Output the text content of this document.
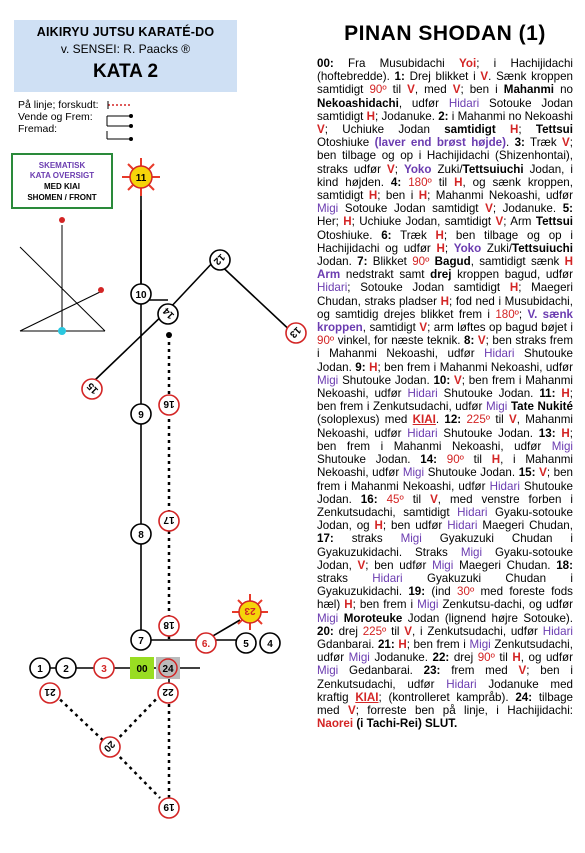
AIKIRYU JUTSU KARATÉ-DO
v. SENSEI: R. Paacks ®
KATA 2
På linje; forskudt:
Vende og Frem:
Fremad:
SKEMATISK
KATA OVERSIGT
MED KIAI
SHOMEN / FRONT
11
10
9
8
7
12
13
14
15
16
17
18
1 2	3	00 24
6.	5 4
23
22
21
20
19
PINAN SHODAN (1)
00: Fra Musubidachi Yoi; i Hachijidachi (hoftebredde). 1: Drej blikket i V. Sænk kroppen samtidigt 90º til V, med V; ben i Mahanmi no Nekoashidachi, udfør Hidari Sotouke Jodan samtidigt H; Jodanuke. 2: i Mahanmi no Nekoashi V; Uchiuke Jodan samtidigt H; Tettsui Otoshiuke (laver end brøst højde). 3: Træk V; ben tilbage og op i Hachijidachi (Shizenhontai), straks udfør V; Yoko Zuki/Tettsuiuchi Jodan, i kind højden. 4: 180º til H, og sænk kroppen, samtidigt H; ben i H; Mahanmi Nekoashi, udfør Migi Sotouke Jodan samtidigt V; Jodanuke. 5: Her; H; Uchiuke Jodan, samtidigt V; Arm Tettsui Otoshiuke. 6: Træk H; ben tilbage og op i Hachijidachi og udfør H; Yoko Zuki/Tettsuiuchi Jodan. 7: Blikket 90º Bagud, samtidigt sænk H Arm nedstrakt samt drej kroppen bagud, udfør Hidari; Sotouke Jodan samtidigt H; Maegeri Chudan, straks pladser H; fod ned i Musubidachi, og samtidig drejes blikket frem i 180º; V. sænk kroppen, samtidigt V; arm løftes op bagud bøjet i 90º vinkel, for næste teknik. 8: V; ben straks frem i Mahanmi Nekoashi, udfør Hidari Shutouke Jodan. 9: H; ben frem i Mahanmi Nekoashi, udfør Migi Shutouke Jodan. 10: V; ben frem i Mahanmi Nekoashi, udfør Hidari Shutouke Jodan. 11: H; ben frem i Zenkutsudachi, udfør Migi Tate Nukité (soloplexus) med KIAI. 12: 225º til V, Mahanmi Nekoashi, udfør Hidari Shutouke Jodan. 13: H; ben frem i Mahanmi Nekoashi, udfør Migi Shutouke Jodan. 14: 90º til H, i Mahanmi Nekoashi, udfør Migi Shutouke Jodan. 15: V; ben frem i Mahanmi Nekoashi, udfør Hidari Shutouke Jodan. 16: 45º til V, med venstre forben i Zenkutsudachi, samtidigt Hidari Gyaku-sotouke Jodan, og H; ben udfør Hidari Maegeri Chudan, 17: straks Migi Gyakuzuki Chudan i Gyakuzukidachi. Straks Migi Gyaku-sotouke Jodan, V; ben udfør Migi Maegeri Chudan. 18: straks Hidari Gyakuzuki Chudan i Gyakuzukidachi. 19: (ind 30º med foreste fods hæl) H; ben frem i Migi Zenkutsu-dachi, og udfør Migi Moroteuke Jodan (lignend højre Sotouke). 20: drej 225º til V, i Zenkutsudachi, udfør Hidari Gdanbarai. 21: H; ben frem i Migi Zenkutsudachi, udfør Migi Jodanuke. 22: drej 90º til H, og udfør Migi Gedanbarai. 23: frem med V; ben i Zenkutsudachi, udfør Hidari Jodanuke med kraftig KIAI; (kontrolleret kampråb). 24: tilbage med V; forreste ben på linje, i Hachijidachi: Naorei (i Tachi-Rei) SLUT.
